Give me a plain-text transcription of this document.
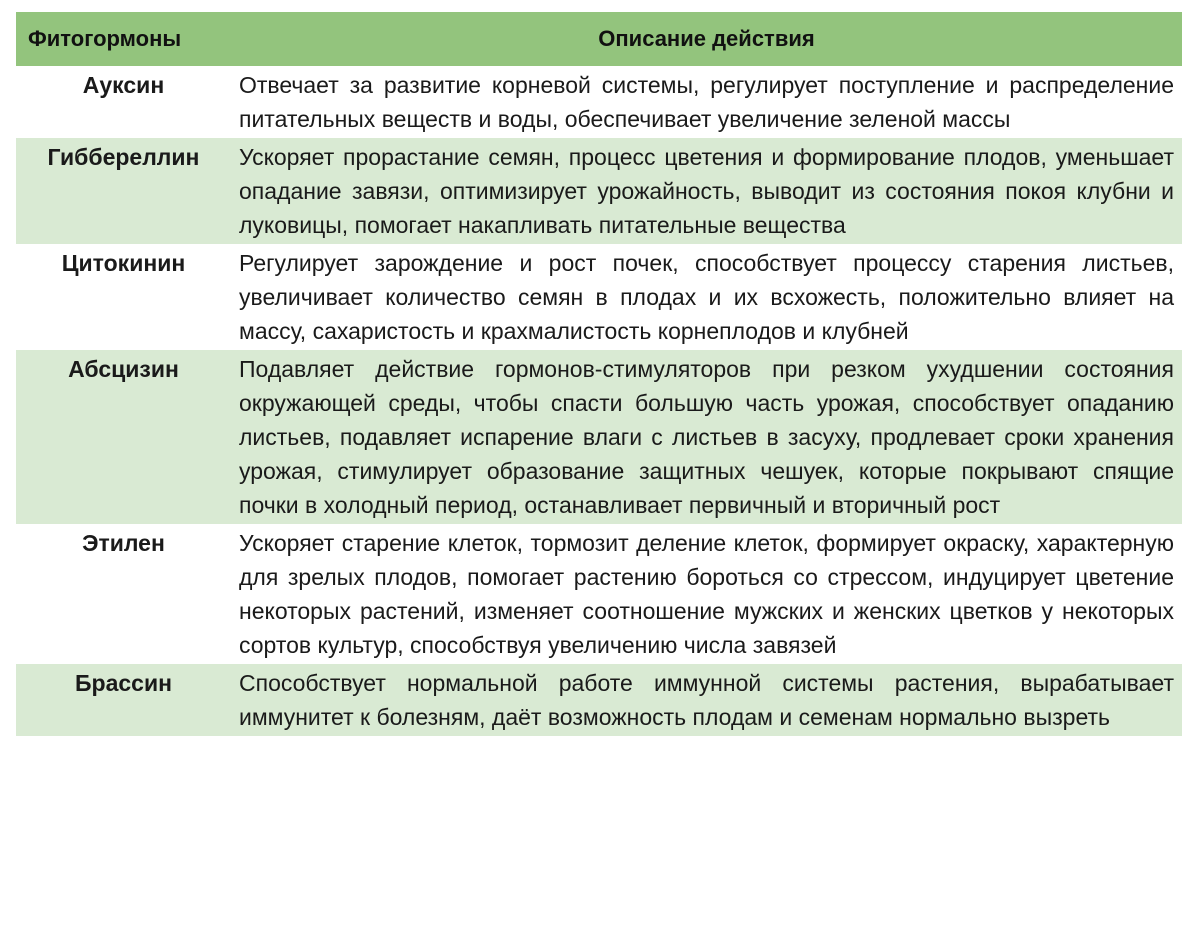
Фитогормоны	Описание действия
Ауксин	Отвечает за развитие корневой системы, регулирует поступление и распределение питательных веществ и воды, обеспечивает увеличение зеленой массы
Гиббереллин	Ускоряет прорастание семян, процесс цветения и формирование плодов, уменьшает опадание завязи, оптимизирует урожайность, выводит из состояния покоя клубни и луковицы, помогает накапливать питательные вещества
Цитокинин	Регулирует зарождение и рост почек, способствует процессу старения листьев, увеличивает количество семян в плодах и их всхожесть, положительно влияет на массу, сахаристость и крахмалистость корнеплодов и клубней
Абсцизин	Подавляет действие гормонов-стимуляторов при резком ухудшении состояния окружающей среды, чтобы спасти большую часть урожая, способствует опаданию листьев, подавляет испарение влаги с листьев в засуху, продлевает сроки хранения урожая, стимулирует образование защитных чешуек, которые покрывают спящие почки в холодный период, останавливает первичный и вторичный рост
Этилен	Ускоряет старение клеток, тормозит деление клеток, формирует окраску, характерную для зрелых плодов, помогает растению бороться со стрессом, индуцирует цветение некоторых растений, изменяет соотношение мужских и женских цветков у некоторых сортов культур, способствуя увеличению числа завязей
Брассин	Способствует нормальной работе иммунной системы растения, вырабатывает иммунитет к болезням, даёт возможность плодам и семенам нормально вызреть
